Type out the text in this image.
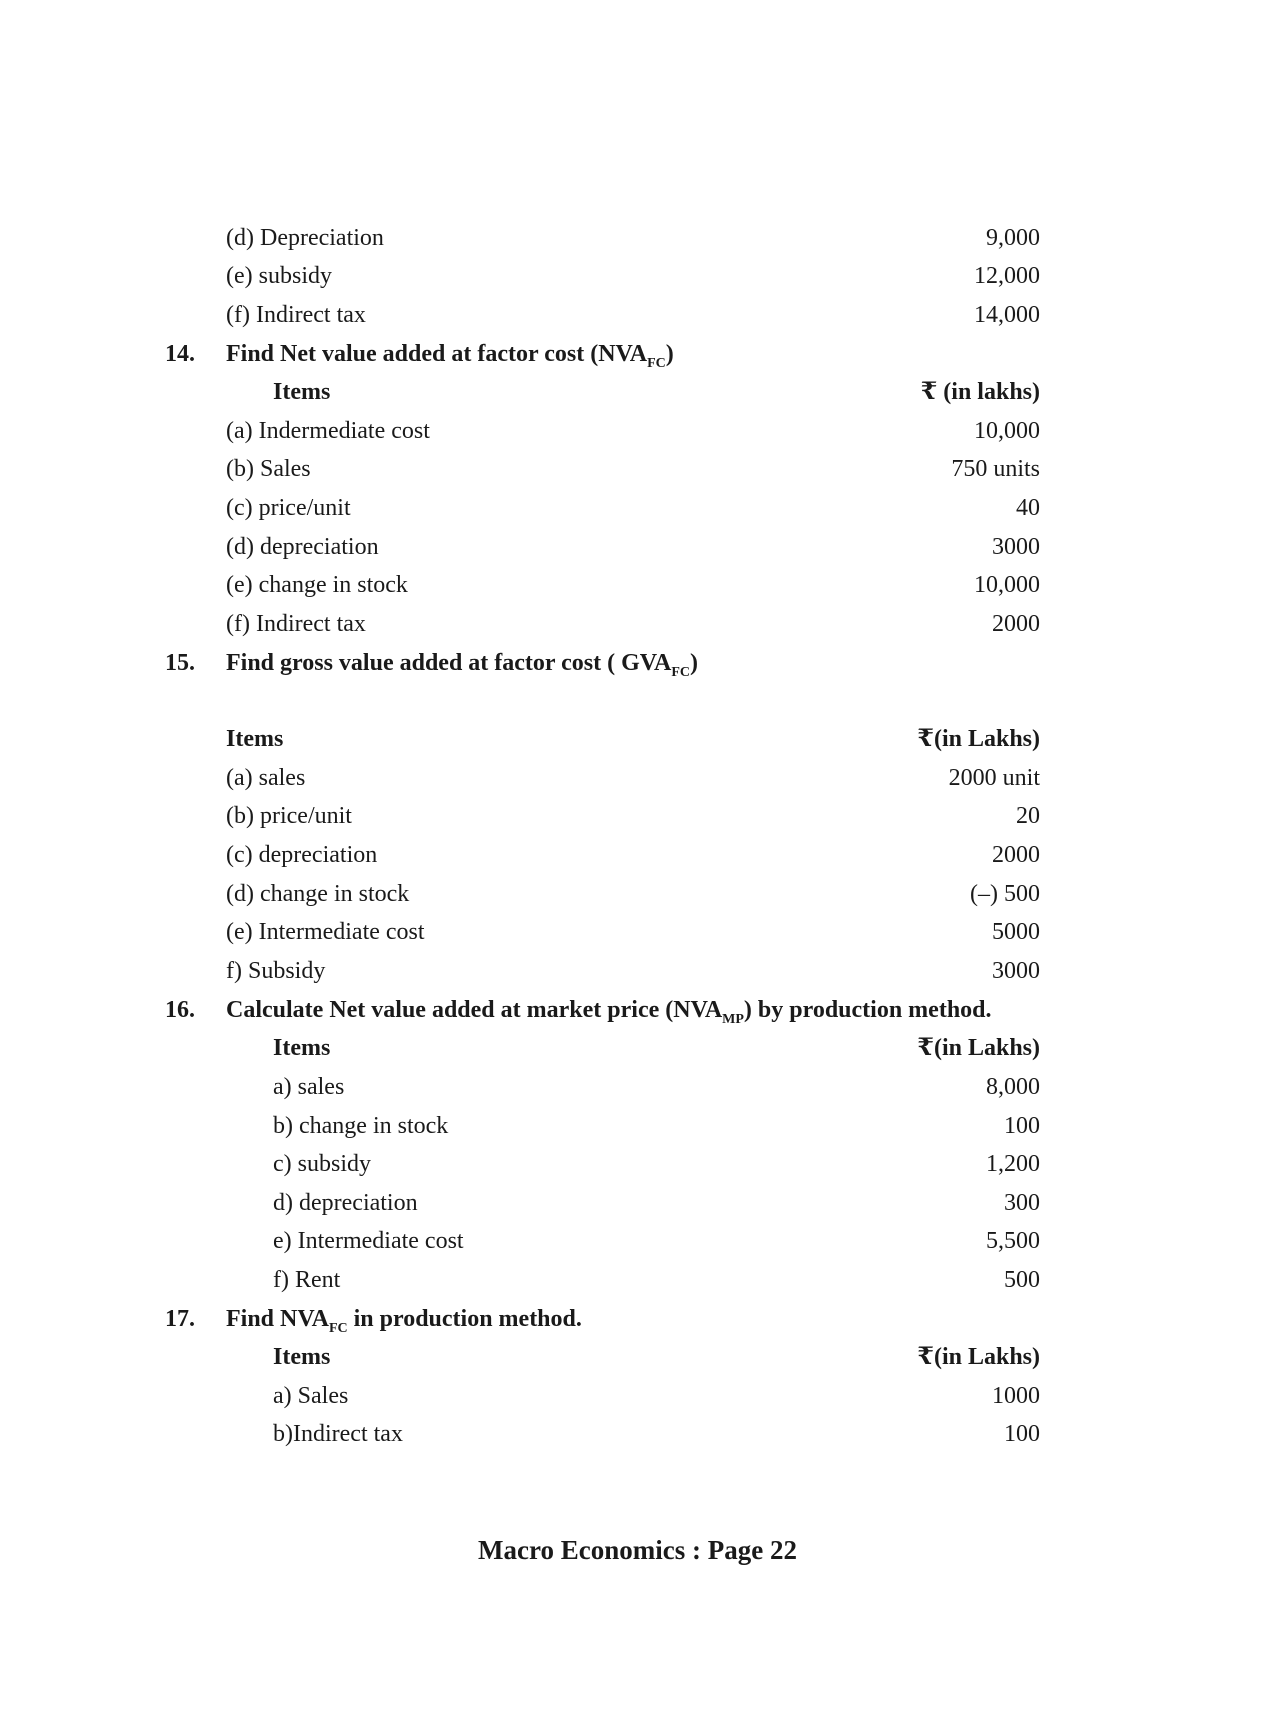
(d) Depreciation	9,000
(e) subsidy	12,000
(f) Indirect tax	14,000
14. Find Net value added at factor cost $(NVA_{FC})$
Items	₹ (in lakhs)
(a) Indermediate cost	10,000
(b) Sales	750 units
(c) price/unit	40
(d) depreciation	3000
(e) change in stock	10,000
(f) Indirect tax	2000
15. Find gross value added at factor cost ( $GVA_{FC}$)
Items	₹(in Lakhs)
(a) sales	2000 unit
(b) price/unit	20
(c) depreciation	2000
(d) change in stock	(–) 500
(e) Intermediate cost	5000
f) Subsidy	3000
16. Calculate Net value added at market price $(NVA_{MP})$ by production method.
Items	₹(in Lakhs)
a) sales	8,000
b) change in stock	100
c) subsidy	1,200
d) depreciation	300
e) Intermediate cost	5,500
f) Rent	500
17. Find $NVA_{FC}$ in production method.
Items	₹(in Lakhs)
a) Sales	1000
b)Indirect tax	100
Macro Economics : Page 22
